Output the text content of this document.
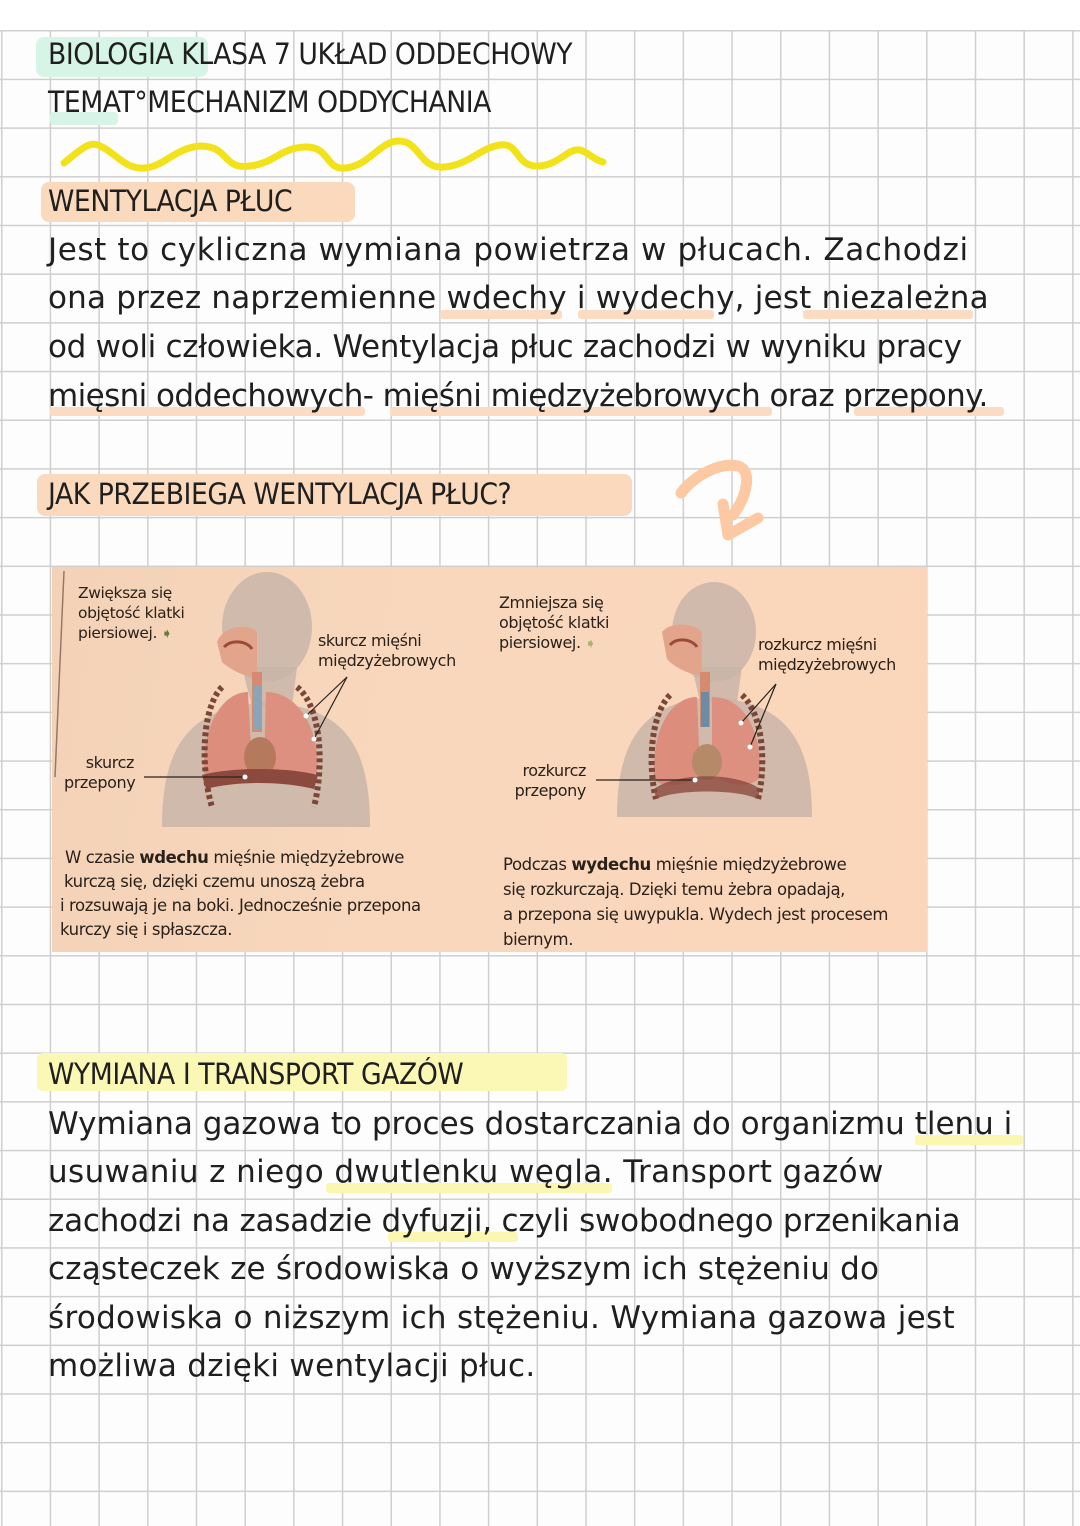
BIOLOGIA KLASA 7 UKŁAD ODDECHOWY
TEMAT°MECHANIZM ODDYCHANIA
WENTYLACJA PŁUC
Jest to cykliczna wymiana powietrza w płucach. Zachodzi
ona przez naprzemienne wdechy i wydechy, jest niezależna
od woli człowieka. Wentylacja płuc zachodzi w wyniku pracy
mięsni oddechowych- mięśni międzyżebrowych oraz przepony.
JAK PRZEBIEGA WENTYLACJA PŁUC?
Zwiększa się
objętość klatki
piersiowej. ➧	skurcz mięśni
międzyżebrowych
skurcz
przepony
W czasie wdechu mięśnie międzyżebrowe
kurczą się, dzięki czemu unoszą żebra
i rozsuwają je na boki. Jednocześnie przepona
kurczy się i spłaszcza.
Zmniejsza się
objętość klatki
piersiowej. ➧	rozkurcz mięśni
międzyżebrowych
rozkurcz
przepony
Podczas wydechu mięśnie międzyżebrowe
się rozkurczają. Dzięki temu żebra opadają,
a przepona się uwypukla. Wydech jest procesem
biernym.
WYMIANA I TRANSPORT GAZÓW
Wymiana gazowa to proces dostarczania do organizmu tlenu i
usuwaniu z niego dwutlenku węgla. Transport gazów
zachodzi na zasadzie dyfuzji, czyli swobodnego przenikania
cząsteczek ze środowiska o wyższym ich stężeniu do
środowiska o niższym ich stężeniu. Wymiana gazowa jest
możliwa dzięki wentylacji płuc.
